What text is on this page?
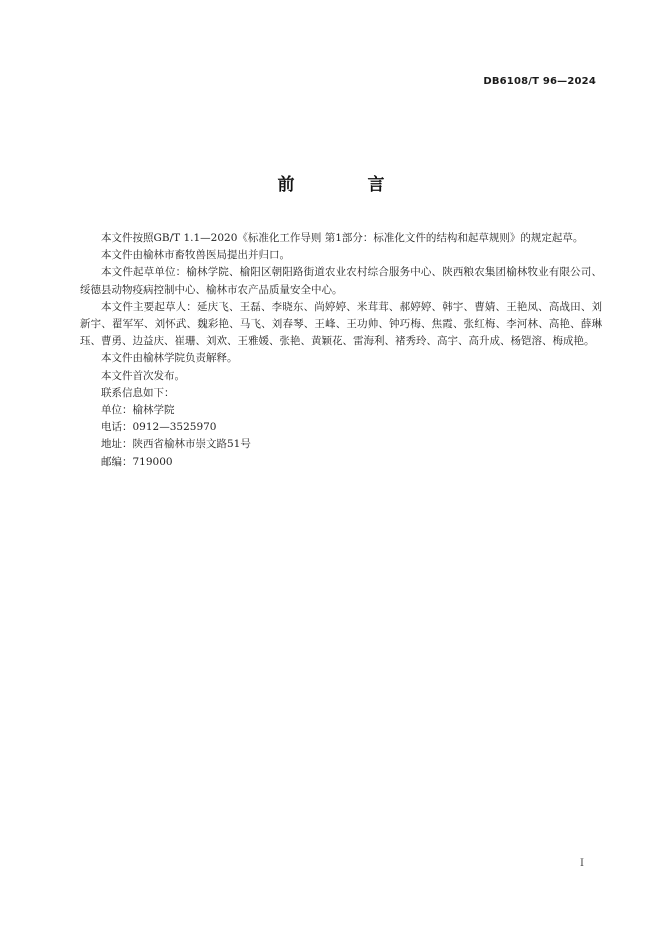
DB6108/T 96—2024
前　言

本文件按照GB/T 1.1—2020《标准化工作导则 第1部分：标准化文件的结构和起草规则》的规定起草。

本文件由榆林市畜牧兽医局提出并归口。

本文件起草单位：榆林学院、榆阳区朝阳路街道农业农村综合服务中心、陕西粮农集团榆林牧业有限公司、绥德县动物疫病控制中心、榆林市农产品质量安全中心。

本文件主要起草人：延庆飞、王磊、李晓东、尚婷婷、米茸茸、郝婷婷、韩宇、曹婧、王艳凤、高战田、刘新宇、翟军军、刘怀武、魏彩艳、马飞、刘春琴、王峰、王功帅、钟巧梅、焦霞、张红梅、李河林、高艳、薛琳珏、曹勇、边益庆、崔珊、刘欢、王雅媛、张艳、黄颖花、雷海利、褚秀玲、高宇、高升成、杨铠溶、梅成艳。

本文件由榆林学院负责解释。

本文件首次发布。

联系信息如下：

单位：榆林学院

电话：0912—3525970

地址：陕西省榆林市崇文路51号

邮编：719000

I
